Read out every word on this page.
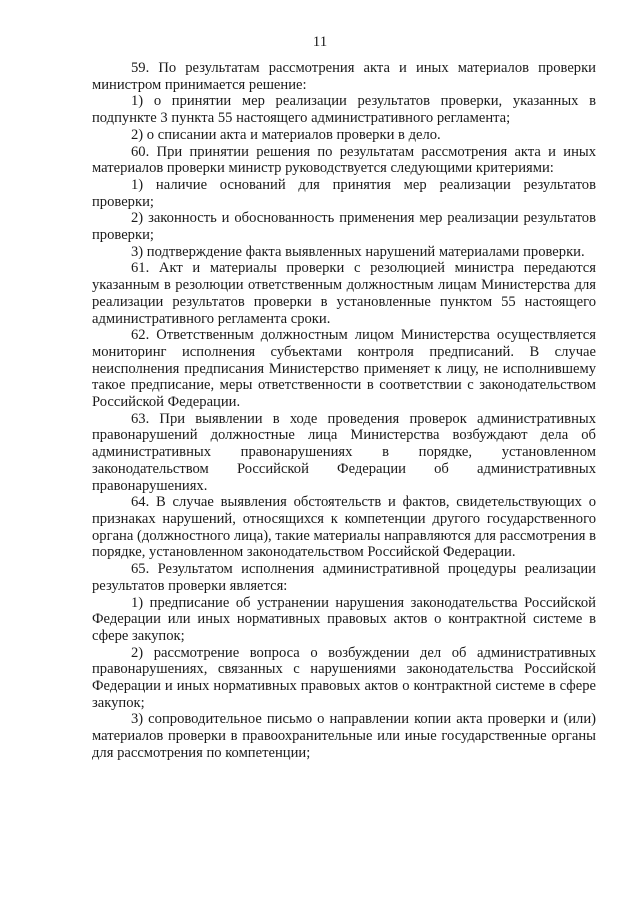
11

59. По результатам рассмотрения акта и иных материалов проверки министром принимается решение:

1) о принятии мер реализации результатов проверки, указанных в подпункте 3 пункта 55 настоящего административного регламента;

2) о списании акта и материалов проверки в дело.

60. При принятии решения по результатам рассмотрения акта и иных материалов проверки министр руководствуется следующими критериями:

1) наличие оснований для принятия мер реализации результатов проверки;

2) законность и обоснованность применения мер реализации результатов проверки;

3) подтверждение факта выявленных нарушений материалами проверки.

61. Акт и материалы проверки с резолюцией министра передаются указанным в резолюции ответственным должностным лицам Министерства для реализации результатов проверки в установленные пунктом 55 настоящего административного регламента сроки.

62. Ответственным должностным лицом Министерства осуществляется мониторинг исполнения субъектами контроля предписаний. В случае неисполнения предписания Министерство применяет к лицу, не исполнившему такое предписание, меры ответственности в соответствии с законодательством Российской Федерации.

63. При выявлении в ходе проведения проверок административных правонарушений должностные лица Министерства возбуждают дела об административных правонарушениях в порядке, установленном законодательством Российской Федерации об административных правонарушениях.

64. В случае выявления обстоятельств и фактов, свидетельствующих о признаках нарушений, относящихся к компетенции другого государственного органа (должностного лица), такие материалы направляются для рассмотрения в порядке, установленном законодательством Российской Федерации.

65. Результатом исполнения административной процедуры реализации результатов проверки является:

1) предписание об устранении нарушения законодательства Российской Федерации или иных нормативных правовых актов о контрактной системе в сфере закупок;

2) рассмотрение вопроса о возбуждении дел об административных правонарушениях, связанных с нарушениями законодательства Российской Федерации и иных нормативных правовых актов о контрактной системе в сфере закупок;

3) сопроводительное письмо о направлении копии акта проверки и (или) материалов проверки в правоохранительные или иные государственные органы для рассмотрения по компетенции;
